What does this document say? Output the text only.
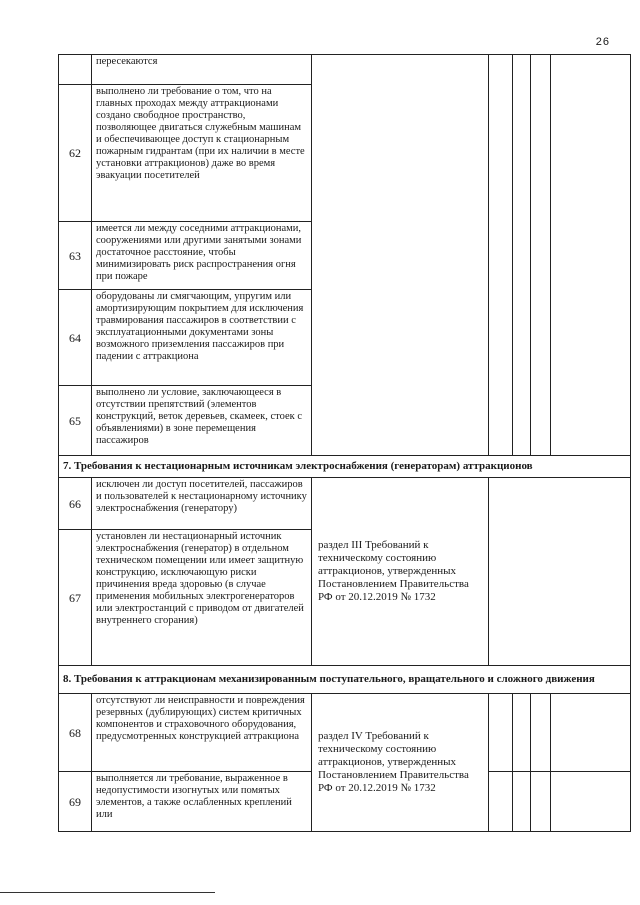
26
	пересекаются					
62	выполнено ли требование о том, что на главных проходах между аттракционами создано свободное пространство, позволяющее двигаться служебным машинам и обеспечивающее доступ к стационарным пожарным гидрантам (при их наличии в месте установки аттракционов) даже во время эвакуации посетителей					
63	имеется ли между соседними аттракционами, сооружениями или другими занятыми зонами достаточное расстояние, чтобы минимизировать риск распространения огня при пожаре					
64	оборудованы ли смягчающим, упругим или амортизирующим покрытием для исключения травмирования пассажиров в соответствии с эксплуатационными документами зоны возможного приземления пассажиров при падении с аттракциона					
65	выполнено ли условие, заключающееся в отсутствии препятствий (элементов конструкций, веток деревьев, скамеек, стоек с объявлениями) в зоне перемещения пассажиров					
7. Требования к нестационарным источникам электроснабжения (генераторам) аттракционов						
66	исключен ли доступ посетителей, пассажиров и пользователей к нестационарному источнику электроснабжения (генератору)	раздел III Требований к техническому состоянию аттракционов, утвержденных Постановлением Правительства РФ от 20.12.2019 № 1732				

67	установлен ли нестационарный источник электроснабжения (генератор) в отдельном техническом помещении или имеет защитную конструкцию, исключающую риски причинения вреда здоровью (в случае применения мобильных электрогенераторов или электростанций с приводом от двигателей внутреннего сгорания)					
8. Требования к аттракционам механизированным поступательного, вращательного и сложного движения						
68	отсутствуют ли неисправности и повреждения резервных (дублирующих) систем критичных компонентов и страховочного оборудования, предусмотренных конструкцией аттракциона	раздел IV Требований к техническому состоянию аттракционов, утвержденных Постановлением Правительства РФ от 20.12.2019 № 1732				

69	выполняется ли требование, выраженное в недопустимости изогнутых или помятых элементов, а также ослабленных креплений или					
